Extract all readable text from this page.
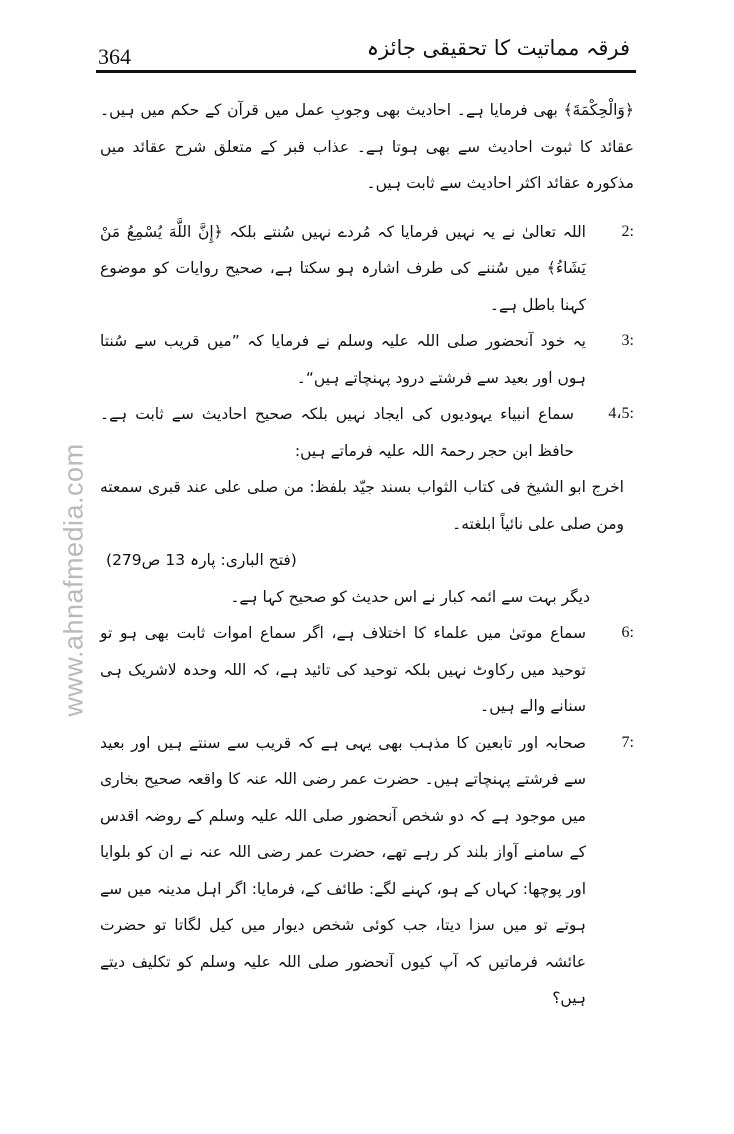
364	فرقہ مماتیت کا تحقیقی جائزہ
www.ahnafmedia.com

﴿وَالْحِكْمَةَ﴾ بھی فرمایا ہے۔ احادیث بھی وجوبِ عمل میں قرآن کے حکم میں ہیں۔ عقائد کا ثبوت احادیث سے بھی ہوتا ہے۔ عذاب قبر کے متعلق شرح عقائد میں مذکورہ عقائد اکثر احادیث سے ثابت ہیں۔

2:
اللہ تعالیٰ نے یہ نہیں فرمایا کہ مُردے نہیں سُنتے بلکہ ﴿إِنَّ اللَّهَ يُسْمِعُ مَنْ يَشَاءُ﴾ میں سُننے کی طرف اشارہ ہو سکتا ہے، صحیح روایات کو موضوع کہنا باطل ہے۔
3:
یہ خود آنحضور صلی اللہ علیہ وسلم نے فرمایا کہ ”میں قریب سے سُنتا ہوں اور بعید سے فرشتے درود پہنچاتے ہیں“۔
4،5:
سماع انبیاء یہودیوں کی ایجاد نہیں بلکہ صحیح احادیث سے ثابت ہے۔ حافظ ابن حجر رحمۃ اللہ علیہ فرماتے ہیں:

اخرج ابو الشیخ فی کتاب الثواب بسند جیّد بلفظ: من صلی علی عند قبری سمعته ومن صلی علی نائیاً ابلغته۔

(فتح الباری: پارہ 13 ص279)

دیگر بہت سے ائمہ کبار نے اس حدیث کو صحیح کہا ہے۔

6:
سماع موتیٰ میں علماء کا اختلاف ہے، اگر سماع اموات ثابت بھی ہو تو توحید میں رکاوٹ نہیں بلکہ توحید کی تائید ہے، کہ اللہ وحدہ لاشریک ہی سنانے والے ہیں۔
7:
صحابہ اور تابعین کا مذہب بھی یہی ہے کہ قریب سے سنتے ہیں اور بعید سے فرشتے پہنچاتے ہیں۔ حضرت عمر رضی اللہ عنہ کا واقعہ صحیح بخاری میں موجود ہے کہ دو شخص آنحضور صلی اللہ علیہ وسلم کے روضہ اقدس کے سامنے آواز بلند کر رہے تھے، حضرت عمر رضی اللہ عنہ نے ان کو بلوایا اور پوچھا: کہاں کے ہو، کہنے لگے: طائف کے، فرمایا: اگر اہل مدینہ میں سے ہوتے تو میں سزا دیتا، جب کوئی شخص دیوار میں کیل لگاتا تو حضرت عائشہ فرماتیں کہ آپ کیوں آنحضور صلی اللہ علیہ وسلم کو تکلیف دیتے ہیں؟
